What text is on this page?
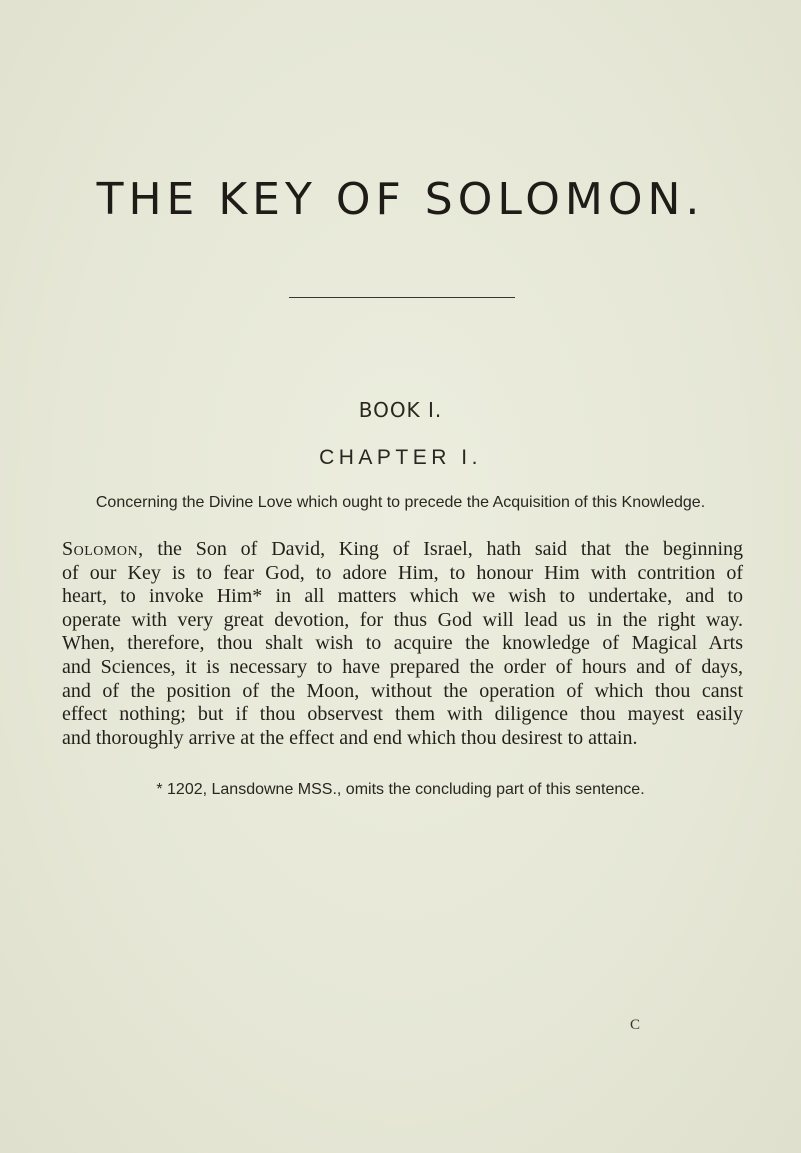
THE KEY OF SOLOMON.
BOOK I.
CHAPTER I.
Concerning the Divine Love which ought to precede the Acquisition of this Knowledge.
Solomon, the Son of David, King of Israel, hath said that the beginning
of our Key is to fear God, to adore Him, to honour Him with contrition of
heart, to invoke Him* in all matters which we wish to undertake, and to
operate with very great devotion, for thus God will lead us in the right way.
When, therefore, thou shalt wish to acquire the knowledge of Magical Arts
and Sciences, it is necessary to have prepared the order of hours and of days,
and of the position of the Moon, without the operation of which thou canst
effect nothing; but if thou observest them with diligence thou mayest easily
and thoroughly arrive at the effect and end which thou desirest to attain.
* 1202, Lansdowne MSS., omits the concluding part of this sentence.
C
